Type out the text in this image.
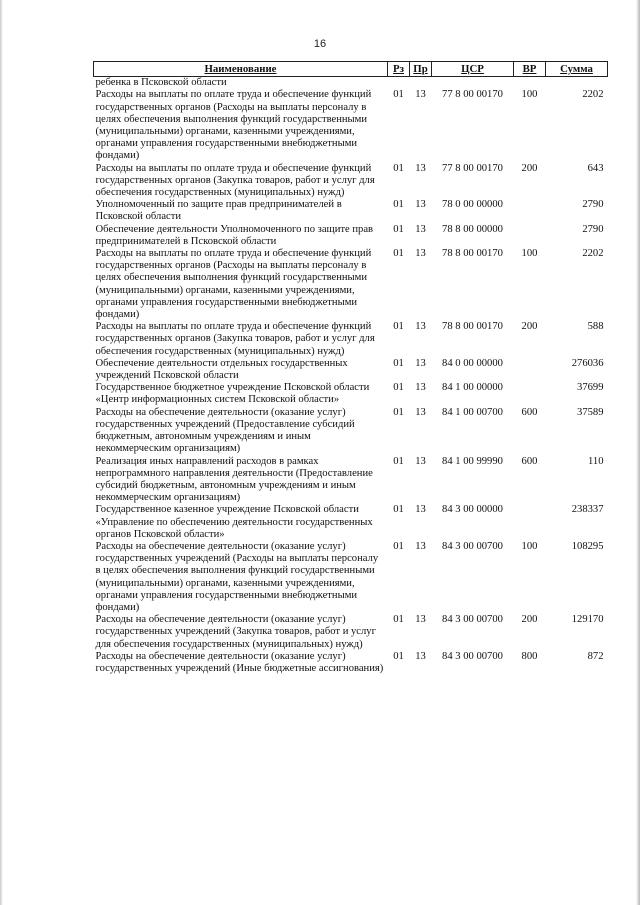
16
Наименование	Рз	Пр	ЦСР	ВР	Сумма
ребенка в Псковской области					
Расходы на выплаты по оплате труда и обеспечение функций государственных органов (Расходы на выплаты персоналу в целях обеспечения выполнения функций государственными (муниципальными) органами, казенными учреждениями, органами управления государственными внебюджетными фондами)	01	13	77 8 00 00170	100	2202
Расходы на выплаты по оплате труда и обеспечение функций государственных органов (Закупка товаров, работ и услуг для обеспечения государственных (муниципальных) нужд)	01	13	77 8 00 00170	200	643
Уполномоченный по защите прав предпринимателей в Псковской области	01	13	78 0 00 00000		2790
Обеспечение деятельности Уполномоченного по защите прав предпринимателей в Псковской области	01	13	78 8 00 00000		2790
Расходы на выплаты по оплате труда и обеспечение функций государственных органов (Расходы на выплаты персоналу в целях обеспечения выполнения функций государственными (муниципальными) органами, казенными учреждениями, органами управления государственными внебюджетными фондами)	01	13	78 8 00 00170	100	2202
Расходы на выплаты по оплате труда и обеспечение функций государственных органов (Закупка товаров, работ и услуг для обеспечения государственных (муниципальных) нужд)	01	13	78 8 00 00170	200	588
Обеспечение деятельности отдельных государственных учреждений Псковской области	01	13	84 0 00 00000		276036
Государственное бюджетное учреждение Псковской области «Центр информационных систем Псковской области»	01	13	84 1 00 00000		37699
Расходы на обеспечение деятельности (оказание услуг) государственных учреждений (Предоставление субсидий бюджетным, автономным учреждениям и иным некоммерческим организациям)	01	13	84 1 00 00700	600	37589
Реализация иных направлений расходов в рамках непрограммного направления деятельности (Предоставление субсидий бюджетным, автономным учреждениям и иным некоммерческим организациям)	01	13	84 1 00 99990	600	110
Государственное казенное учреждение Псковской области «Управление по обеспечению деятельности государственных органов Псковской области»	01	13	84 3 00 00000		238337
Расходы на обеспечение деятельности (оказание услуг) государственных учреждений (Расходы на выплаты персоналу в целях обеспечения выполнения функций государственными (муниципальными) органами, казенными учреждениями, органами управления государственными внебюджетными фондами)	01	13	84 3 00 00700	100	108295
Расходы на обеспечение деятельности (оказание услуг) государственных учреждений (Закупка товаров, работ и услуг для обеспечения государственных (муниципальных) нужд)	01	13	84 3 00 00700	200	129170
Расходы на обеспечение деятельности (оказание услуг) государственных учреждений (Иные бюджетные ассигнования)	01	13	84 3 00 00700	800	872
